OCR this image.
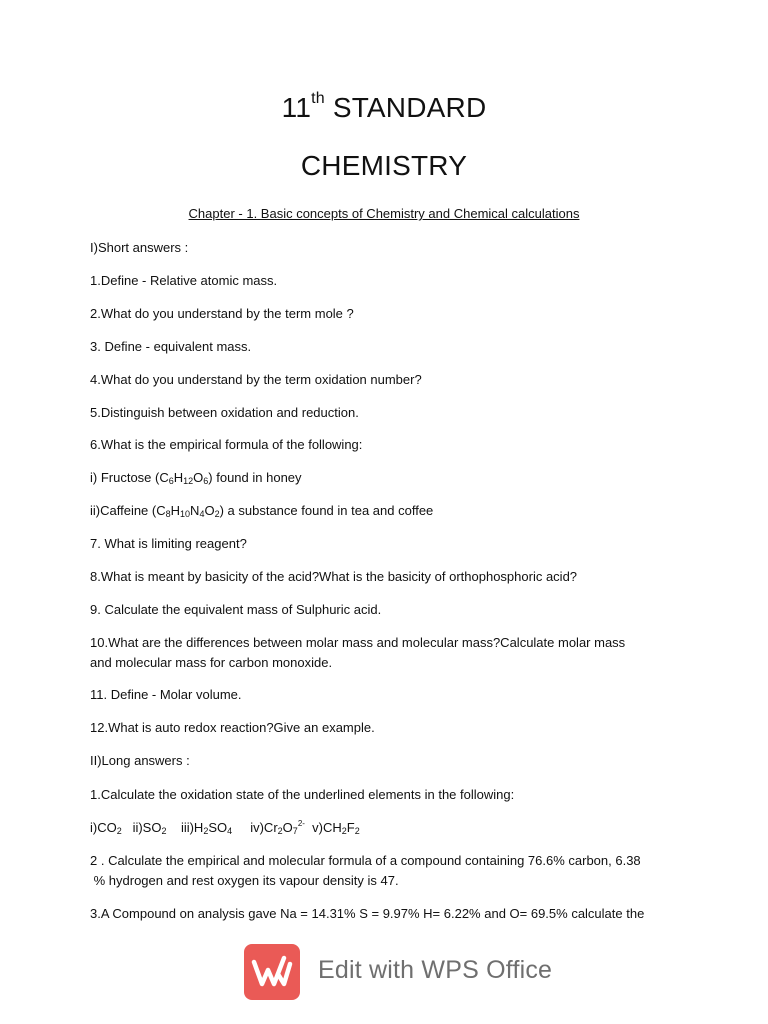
11th STANDARD
CHEMISTRY
Chapter - 1. Basic concepts of Chemistry and Chemical calculations
I)Short answers :
1.Define - Relative atomic mass.
2.What do you understand by the term mole ?
3. Define - equivalent mass.
4.What do you understand by the term oxidation number?
5.Distinguish between oxidation and reduction.
6.What is the empirical formula of the following:
i) Fructose $(C_6H_{12}O_6)$ found in honey
ii)Caffeine $(C_8H_{10}N_4O_2)$ a substance found in tea and coffee
7. What is limiting reagent?
8.What is meant by basicity of the acid?What is the basicity of orthophosphoric acid?
9. Calculate the equivalent mass of Sulphuric acid.
10.What are the differences between molar mass and molecular mass?Calculate molar mass
and molecular mass for carbon monoxide.
11. Define - Molar volume.
12.What is auto redox reaction?Give an example.
II)Long answers :
1.Calculate the oxidation state of the underlined elements in the following:
$i)CO_2$ $ii)SO_2$ $iii)H_2SO_4$ $iv)Cr_2O_7^{2-}$ $v)CH_2F_2$
2 . Calculate the empirical and molecular formula of a compound containing 76.6% carbon, 6.38
% hydrogen and rest oxygen its vapour density is 47.
3.A Compound on analysis gave Na = 14.31% S = 9.97% H= 6.22% and O= 69.5% calculate the
Edit with WPS Office
